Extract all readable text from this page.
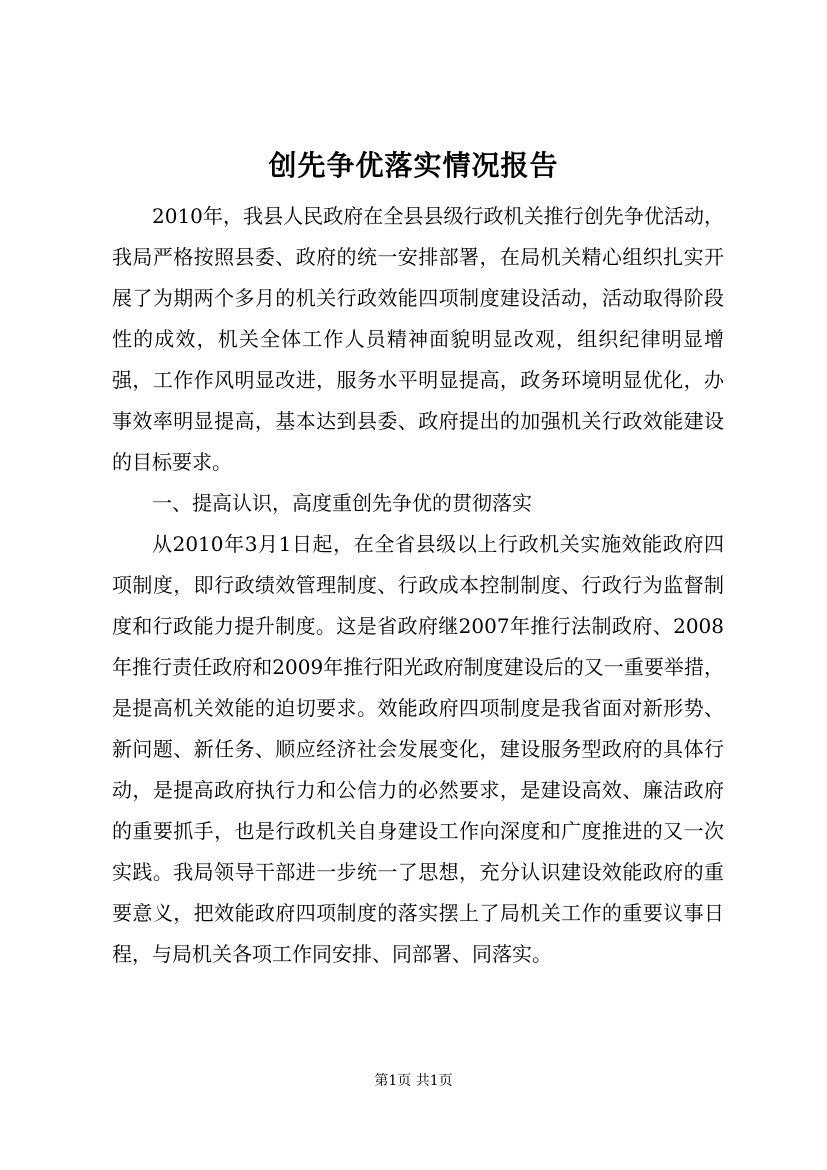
创先争优落实情况报告

2010年，我县人民政府在全县县级行政机关推行创先争优活动，我局严格按照县委、政府的统一安排部署，在局机关精心组织扎实开展了为期两个多月的机关行政效能四项制度建设活动，活动取得阶段性的成效，机关全体工作人员精神面貌明显改观，组织纪律明显增强，工作作风明显改进，服务水平明显提高，政务环境明显优化，办事效率明显提高，基本达到县委、政府提出的加强机关行政效能建设的目标要求。

一、提高认识，高度重创先争优的贯彻落实

从2010年3月1日起，在全省县级以上行政机关实施效能政府四项制度，即行政绩效管理制度、行政成本控制制度、行政行为监督制度和行政能力提升制度。这是省政府继2007年推行法制政府、2008年推行责任政府和2009年推行阳光政府制度建设后的又一重要举措，是提高机关效能的迫切要求。效能政府四项制度是我省面对新形势、新问题、新任务、顺应经济社会发展变化，建设服务型政府的具体行动，是提高政府执行力和公信力的必然要求，是建设高效、廉洁政府的重要抓手，也是行政机关自身建设工作向深度和广度推进的又一次实践。我局领导干部进一步统一了思想，充分认识建设效能政府的重要意义，把效能政府四项制度的落实摆上了局机关工作的重要议事日程，与局机关各项工作同安排、同部署、同落实。

第1页 共1页
